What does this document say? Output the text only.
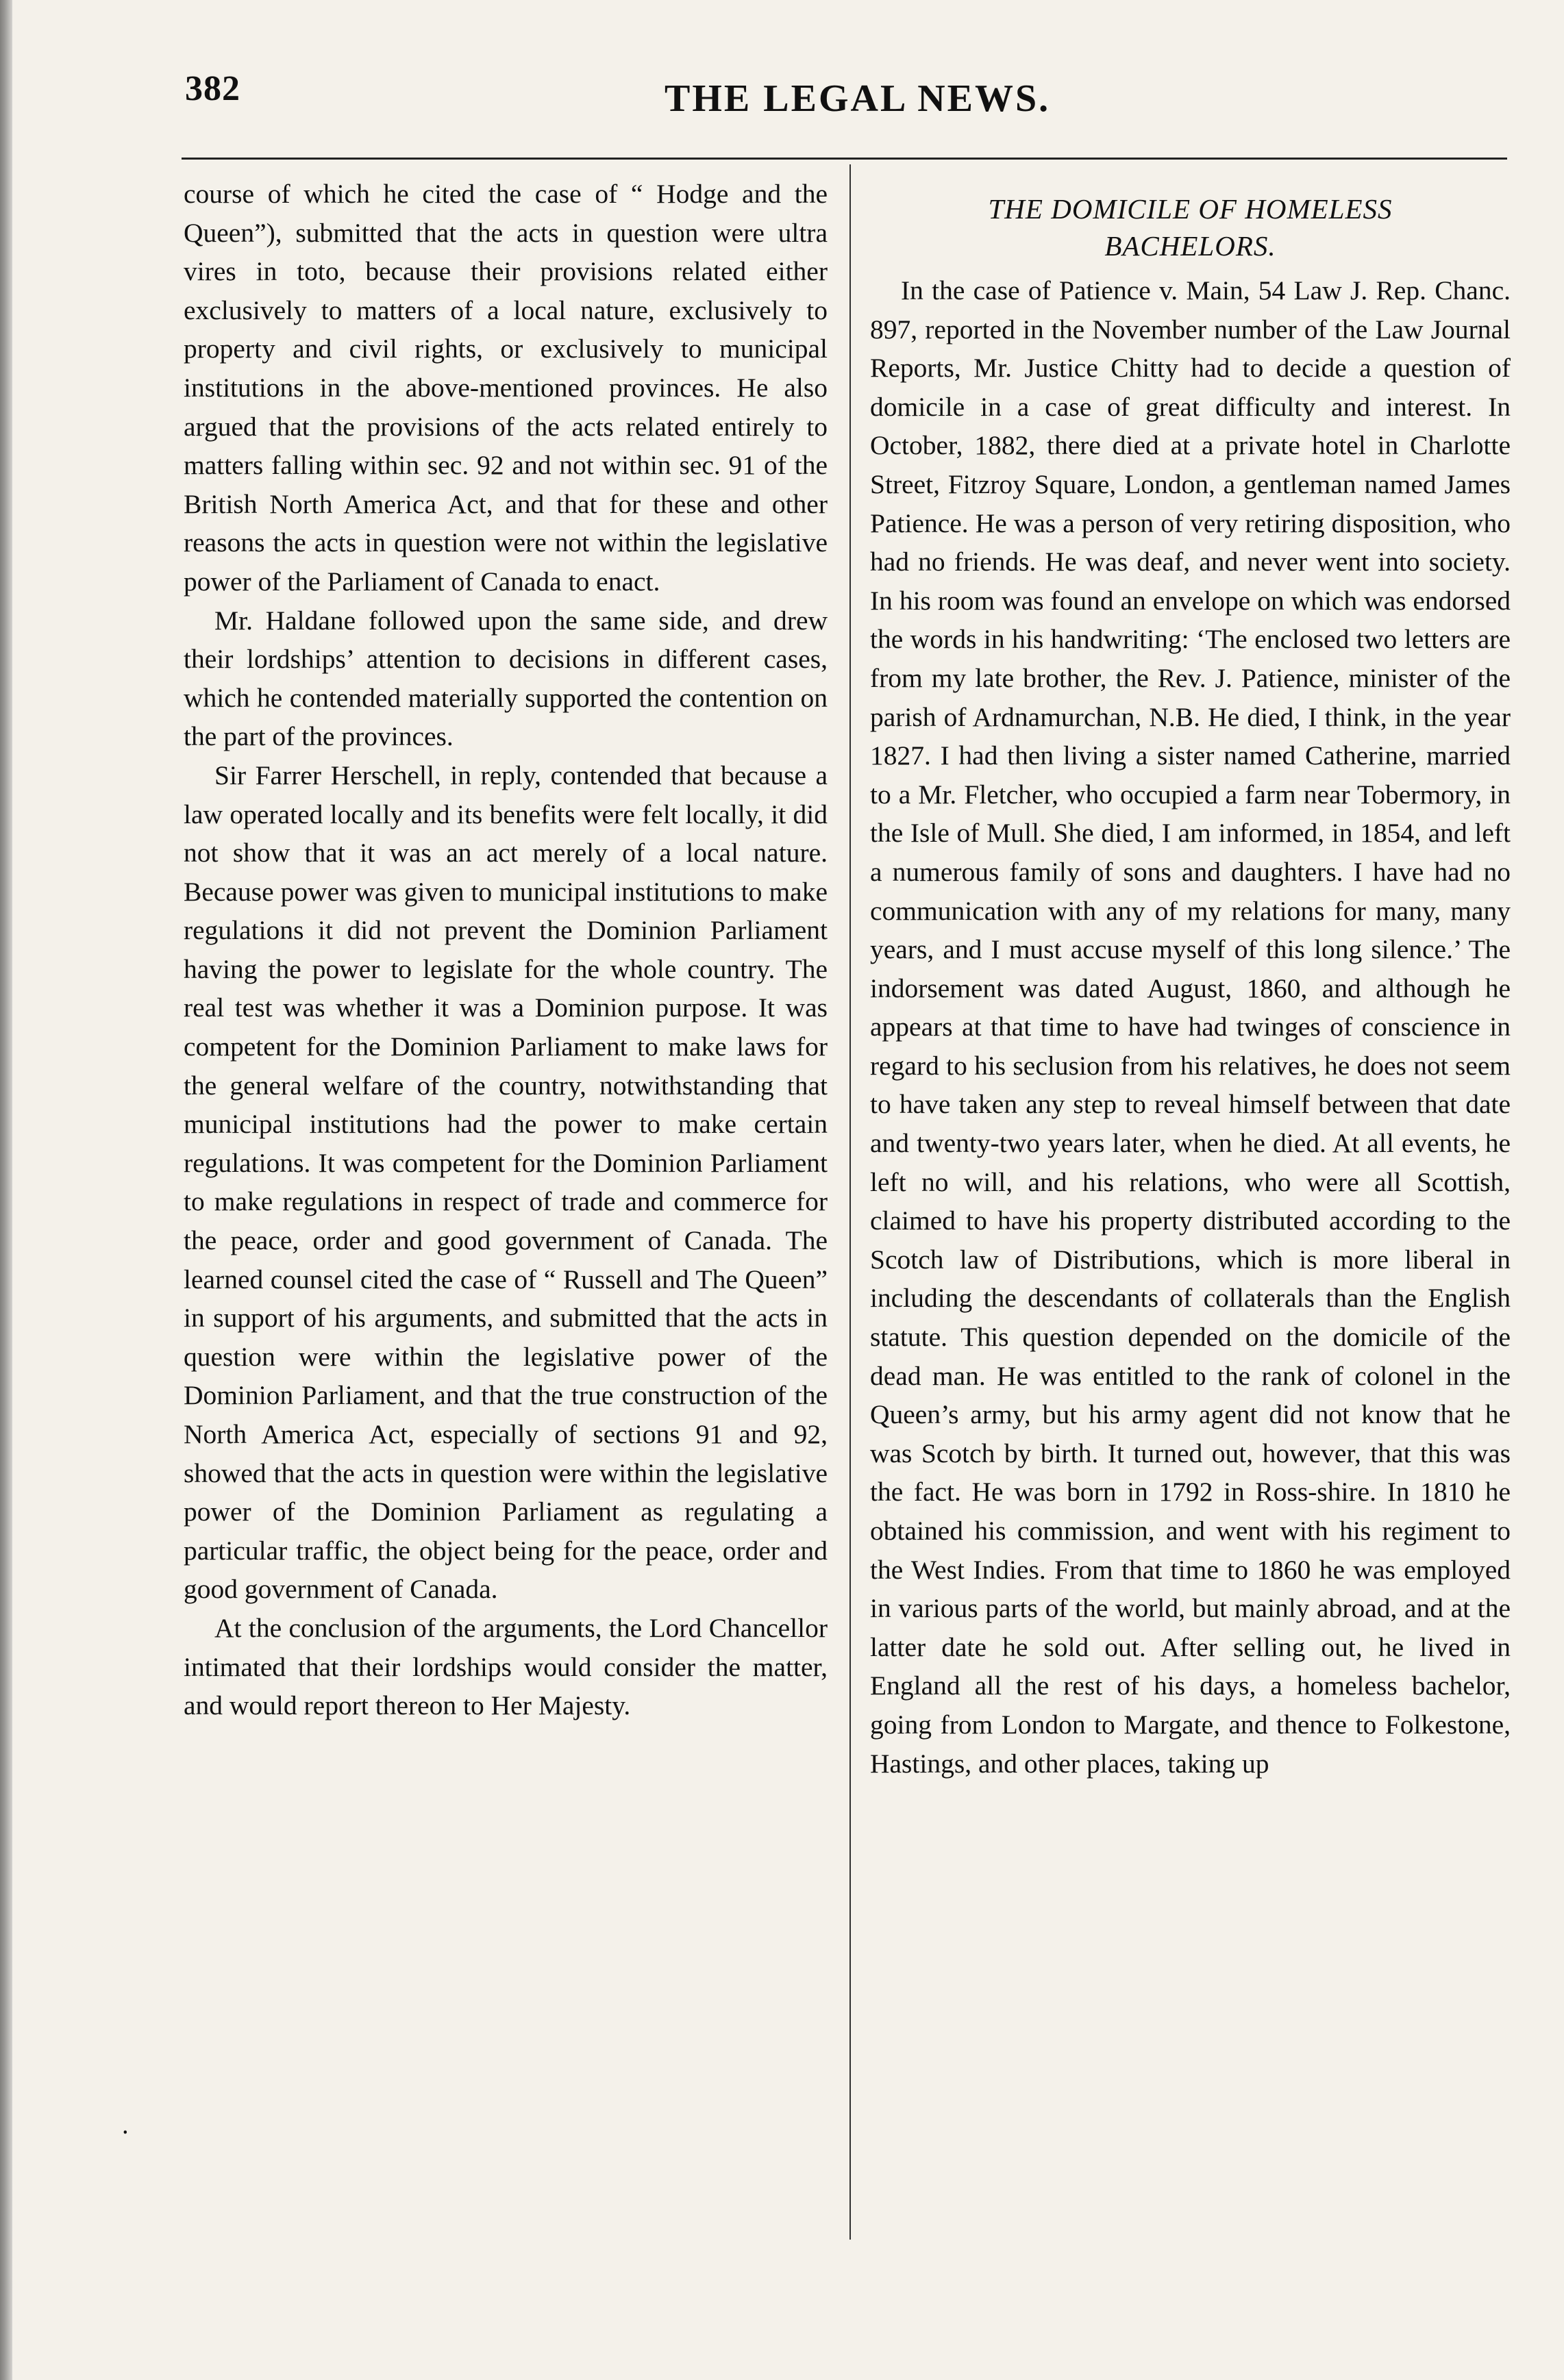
382	THE LEGAL NEWS.

course of which he cited the case of “ Hodge and the Queen”), submitted that the acts in question were ultra vires in toto, because their provisions related either exclusively to matters of a local nature, exclusively to property and civil rights, or exclusively to municipal institutions in the above-mentioned provinces. He also argued that the provisions of the acts related entirely to matters falling within sec. 92 and not within sec. 91 of the British North America Act, and that for these and other reasons the acts in question were not within the legislative power of the Parliament of Canada to enact.

Mr. Haldane followed upon the same side, and drew their lordships’ attention to decisions in different cases, which he contended materially supported the contention on the part of the provinces.

Sir Farrer Herschell, in reply, contended that because a law operated locally and its benefits were felt locally, it did not show that it was an act merely of a local nature. Because power was given to municipal institutions to make regulations it did not prevent the Dominion Parliament having the power to legislate for the whole country. The real test was whether it was a Dominion purpose. It was competent for the Dominion Parliament to make laws for the general welfare of the country, notwithstanding that municipal institutions had the power to make certain regulations. It was competent for the Dominion Parliament to make regulations in respect of trade and commerce for the peace, order and good government of Canada. The learned counsel cited the case of “ Russell and The Queen” in support of his arguments, and submitted that the acts in question were within the legislative power of the Dominion Parliament, and that the true construction of the North America Act, especially of sections 91 and 92, showed that the acts in question were within the legislative power of the Dominion Parliament as regulating a particular traffic, the object being for the peace, order and good government of Canada.

At the conclusion of the arguments, the Lord Chancellor intimated that their lordships would consider the matter, and would report thereon to Her Majesty.

THE DOMICILE OF HOMELESS
BACHELORS.

In the case of Patience v. Main, 54 Law J. Rep. Chanc. 897, reported in the November number of the Law Journal Reports, Mr. Justice Chitty had to decide a question of domicile in a case of great difficulty and interest. In October, 1882, there died at a private hotel in Charlotte Street, Fitzroy Square, London, a gentleman named James Patience. He was a person of very retiring disposition, who had no friends. He was deaf, and never went into society. In his room was found an envelope on which was endorsed the words in his handwriting: ‘The enclosed two letters are from my late brother, the Rev. J. Patience, minister of the parish of Ardnamurchan, N.B. He died, I think, in the year 1827. I had then living a sister named Catherine, married to a Mr. Fletcher, who occupied a farm near Tobermory, in the Isle of Mull. She died, I am informed, in 1854, and left a numerous family of sons and daughters. I have had no communication with any of my relations for many, many years, and I must accuse myself of this long silence.’ The indorsement was dated August, 1860, and although he appears at that time to have had twinges of conscience in regard to his seclusion from his relatives, he does not seem to have taken any step to reveal himself between that date and twenty-two years later, when he died. At all events, he left no will, and his relations, who were all Scottish, claimed to have his property distributed according to the Scotch law of Distributions, which is more liberal in including the descendants of collaterals than the English statute. This question depended on the domicile of the dead man. He was entitled to the rank of colonel in the Queen’s army, but his army agent did not know that he was Scotch by birth. It turned out, however, that this was the fact. He was born in 1792 in Ross-shire. In 1810 he obtained his commission, and went with his regiment to the West Indies. From that time to 1860 he was employed in various parts of the world, but mainly abroad, and at the latter date he sold out. After selling out, he lived in England all the rest of his days, a homeless bachelor, going from London to Margate, and thence to Folkestone, Hastings, and other places, taking up

⸳
